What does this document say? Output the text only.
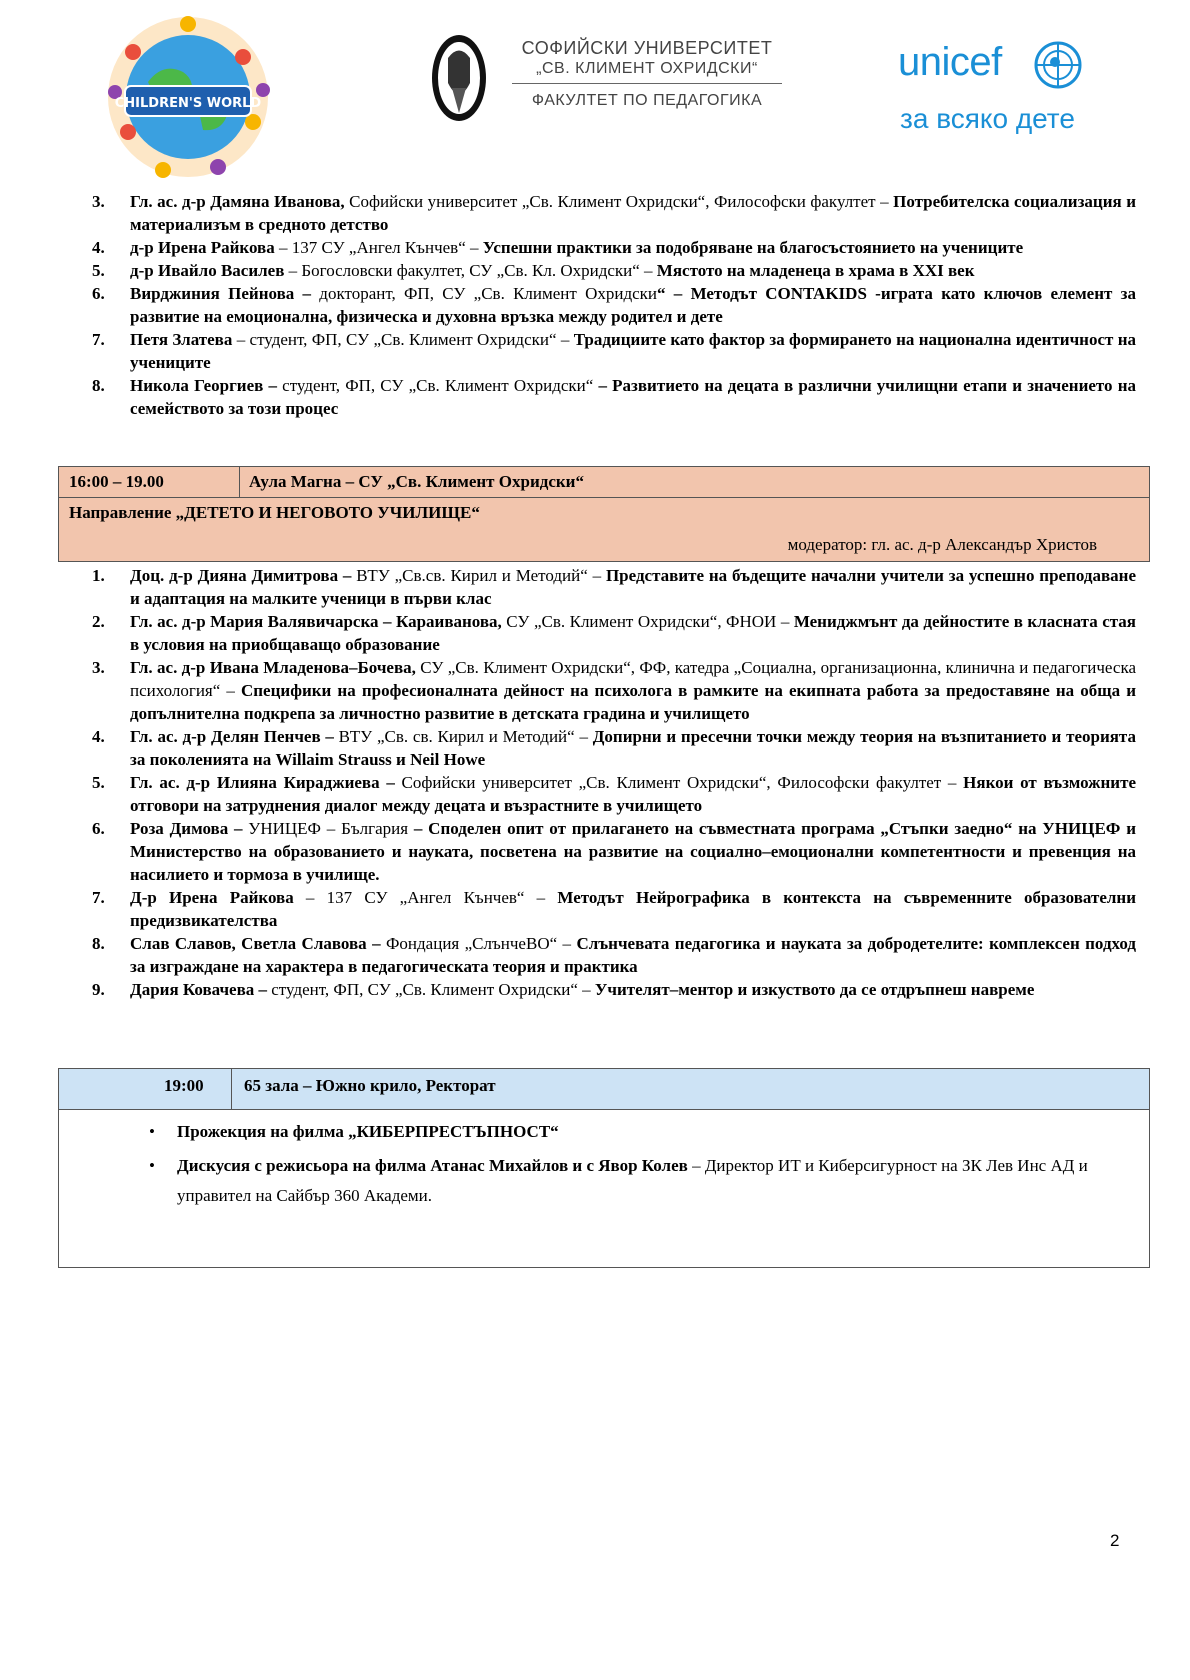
CHILDREN'S WORLD
СОФИЙСКИ УНИВЕРСИТЕТ
„СВ. КЛИМЕНТ ОХРИДСКИ“
ФАКУЛТЕТ ПО ПЕДАГОГИКА
unicef
за всяко дете
3. Гл. ас. д-р Дамяна Иванова, Софийски университет „Св. Климент Охридски“, Философски факултет – Потребителска социализация и материализъм в средното детство
4. д-р Ирена Райкова – 137 СУ „Ангел Кънчев“ – Успешни практики за подобряване на благосъстоянието на учениците
5. д-р Ивайло Василев – Богословски факултет, СУ „Св. Кл. Охридски“ – Мястото на младенеца в храма в XXI век
6. Вирджиния Пейнова – докторант, ФП, СУ „Св. Климент Охридски“ – Методът CONTAKIDS -играта като ключов елемент за развитие на емоционална, физическа и духовна връзка между родител и дете
7. Петя Златева – студент, ФП, СУ „Св. Климент Охридски“ – Традициите като фактор за формирането на национална идентичност на учениците
8. Никола Георгиев – студент, ФП, СУ „Св. Климент Охридски“ – Развитието на децата в различни училищни етапи и значението на семейството за този процес
16:00 – 19.00	Аула Магна – СУ „Св. Климент Охридски“
Направление „ДЕТЕТО И НЕГОВОТО УЧИЛИЩЕ“
модератор: гл. ас. д-р Александър Христов
1. Доц. д-р Дияна Димитрова – ВТУ „Св.св. Кирил и Методий“ – Представите на бъдещите начални учители за успешно преподаване и адаптация на малките ученици в първи клас
2. Гл. ас. д-р Мария Валявичарска – Караиванова, СУ „Св. Климент Охридски“, ФНОИ – Мениджмънт да дейностите в класната стая в условия на приобщаващо образование
3. Гл. ас. д-р Ивана Младенова–Бочева, СУ „Св. Климент Охридски“, ФФ, катедра „Социална, организационна, клинична и педагогическа психология“ – Специфики на професионалната дейност на психолога в рамките на екипната работа за предоставяне на обща и допълнителна подкрепа за личностно развитие в детската градина и училището
4. Гл. ас. д-р Делян Пенчев – ВТУ „Св. св. Кирил и Методий“ – Допирни и пресечни точки между теория на възпитанието и теорията за поколенията на Willaim Strauss и Neil Howe
5. Гл. ас. д-р Илияна Кираджиева – Софийски университет „Св. Климент Охридски“, Философски факултет – Някои от възможните отговори на затруднения диалог между децата и възрастните в училището
6. Роза Димова – УНИЦЕФ – България – Споделен опит от прилагането на съвместната програма „Стъпки заедно“ на УНИЦЕФ и Министерство на образованието и науката, посветена на развитие на социално–емоционални компетентности и превенция на насилието и тормоза в училище.
7. Д-р Ирена Райкова – 137 СУ „Ангел Кънчев“ – Методът Нейрографика в контекста на съвременните образователни предизвикателства
8. Слав Славов, Светла Славова – Фондация „СлънчеВО“ – Слънчевата педагогика и науката за добродетелите: комплексен подход за изграждане на характера в педагогическата теория и практика
9. Дария Ковачева – студент, ФП, СУ „Св. Климент Охридски“ – Учителят–ментор и изкуството да се отдръпнеш навреме
19:00 65 зала – Южно крило, Ректорат
• Прожекция на филма „КИБЕРПРЕСТЪПНОСТ“
• Дискусия с режисьора на филма Атанас Михайлов и с Явор Колев – Директор ИТ и Киберсигурност на ЗК Лев Инс АД и управител на Сайбър 360 Академи.
2
